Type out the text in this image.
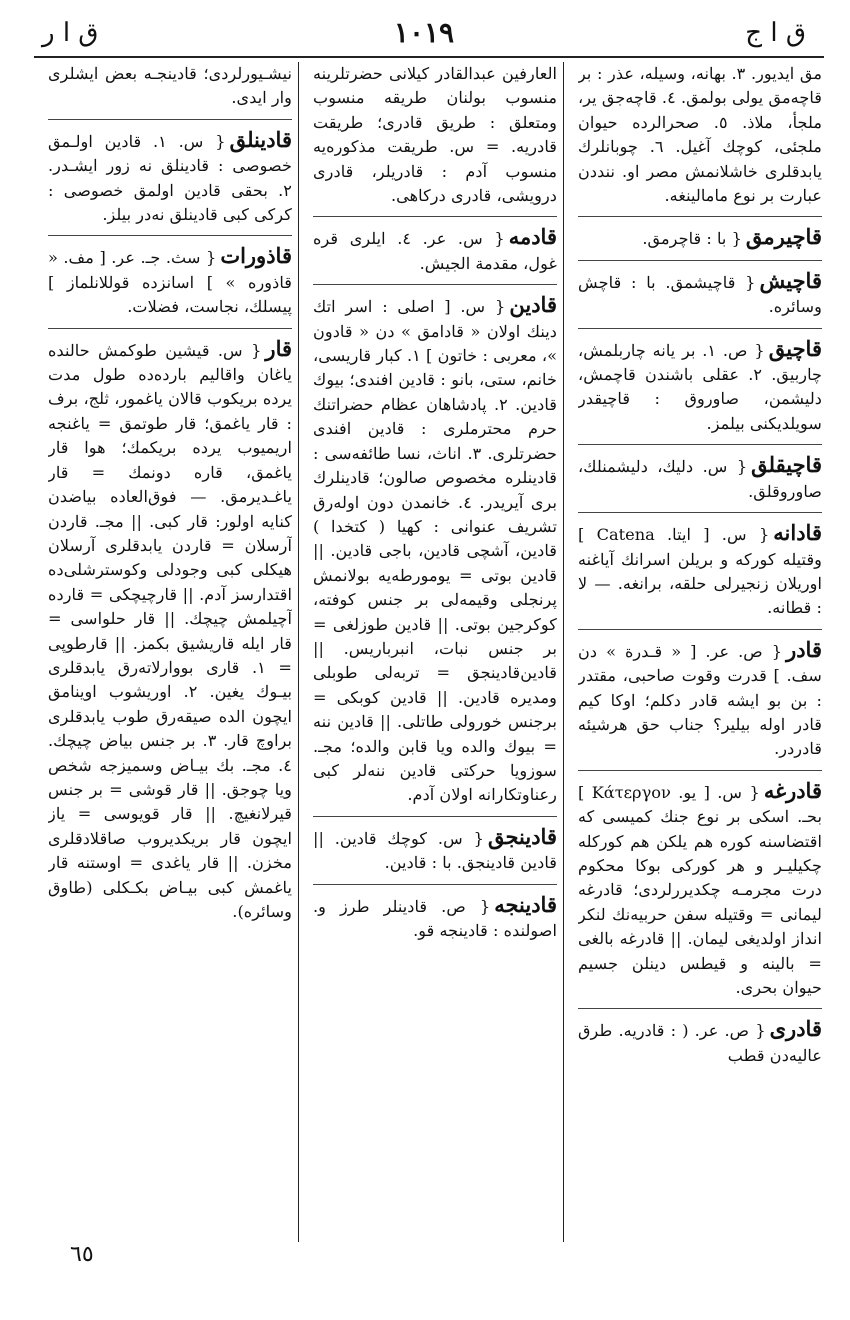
ق ا ر	١٠١٩	ق ا ج
مق ايديور. ٣. بهانه، وسيله، عذر : بر قاچەمق يولى بولمق. ٤. قاچەجق ير، ملجأ، ملاذ. ٥. صحرالرده حيوان ملجئى، كوچك آغيل. ٦. چوبانلرك يابدقلرى خاشلانمش مصر او. ننددن عبارت بر نوع مامالينغه.
قاچيرمق{ با : قاچرمق.
قاچيش{ قاچيشمق. با : قاچش وسائره.
قاچيق{ ص. ١. بر يانه چاربلمش، چاربيق. ٢. عقلى باشندن قاچمش، دليشمن، صاوروق : قاچيقدر سويلديكنى بيلمز.
قاچيقلق{ س. دليك، دليشمنلك، صاوروقلق.
قادانه{ س. [ ايتا. Catena ] وقتيله كوركه و بريلن اسرانك آياغنه اوريلان زنجيرلى حلقه، برانغه. — لا : قطانه.
قادر{ ص. عر. [ « قـدرة » دن سف. ] قدرت وقوت صاحبى، مقتدر : بن بو ايشه قادر دكلم؛ اوكا كيم قادر اوله بيلير؟ جناب حق هرشيئه قادردر.
قادرغه{ س. [ يو. Κάτεργον ] بحـ. اسكى بر نوع جنك كميسى كه اقتضاسنه كوره هم يلكن هم كوركله چكيليـر و هر كوركى بوكا محكوم درت مجرمـه چكديررلردى؛ قادرغه ليمانى = وقتيله سفن حربيه‌نك لنكر انداز اولديغى ليمان. || قادرغه بالغى = بالينه و قيطس دينلن جسيم حيوان بحرى.
قادرى{ ص. عر. ( : قادريه. طرق عاليه‌دن قطب
العارفين عبدالقادر كيلانى حضرتلرينه منسوب بولنان طريقه منسوب ومتعلق : طريق قادرى؛ طريقت قادريه. = س. طريقت مذكوره‌يه منسوب آدم : قادريلر، قادرى درويشى، قادرى دركاهى.
قادمه{ س. عر. ٤. ايلرى قره غول، مقدمة الجيش.
قادين{ س. [ اصلى : اسر اتك دينك اولان « قادامق » دن « قادون »، معربى : خاتون ] ١. كبار قاريسى، خانم، ستى، بانو : قادين افندى؛ بيوك قادين. ٢. پادشاهان عظام حضراتنك حرم محترملرى : قادين افندى حضرتلرى. ٣. اناث، نسا طائفه‌سى : قادينلره مخصوص صالون؛ قادينلرك برى آيريدر. ٤. خانمدن دون اولەرق تشريف عنوانى : كهيا ( كتخدا ) قادين، آشچى قادين، باجى قادين. || قادين بوتى = يومورطه‌يه بولانمش پرنجلى وقيمه‌لى بر جنس كوفته، كوكرجين بوتى. || قادين طوزلغى = بر جنس نبات، انبرباريس. || قادين‌قادينجق = تربه‌لى طوبلى ومديره قادين. || قادين كوبكى = برجنس خورولى طاتلى. || قادين ننه = بيوك والده ويا قابن والده؛ مجـ. سوزويا حركتى قادين ننه‌لر كبى رعناوتكارانه اولان آدم.
قادينجق{ س. كوچك قادين. || قادين قادينجق. با : قادين.
قادينجه{ ص. قادينلر طرز و. اصولنده : قادينجه قو.
نيشـيورلردى؛ قادينجـه بعض ايشلرى وار ايدى.
قادينلق{ س. ١. قادين اولـمق خصوصى : قادينلق نه زور ايشـدر. ٢. بحقى قادين اولمق خصوصى : كركى كبى قادينلق نەدر بيلز.
قاذورات{ سث. جـ. عر. [ مف. « قاذوره » ] اسانزده قوللانلماز ] پيسلك، نجاست، فضلات.
قار{ س. قيشين طوكمش حالنده ياغان واقاليم بارده‌ده طول مدت يرده بريكوب قالان ياغمور، ثلج، برف : قار ياغمق؛ قار طوتمق = ياغنجه اريميوب يرده بريكمك؛ هوا قار ياغمق، قاره دونمك = قار ياغـديرمق. — فوق‌العاده بياضدن كنايه اولور: قار كبى. || مجـ. قاردن آرسلان = قاردن يابدقلرى آرسلان هيكلى كبى وجودلى وكوسترشلى‌ده اقتدارسز آدم. || قارچيچكى = قارده آچيلمش چيچك. || قار حلواسى = قار ايله قاريشيق بكمز. || قارطوپى = ١. قارى بووارلاته‌رق يابدقلرى بيـوك يغين. ٢. اوريشوب اوينامق ايچون الده صيقه‌رق طوب يابدقلرى براوچ قار. ٣. بر جنس بياض چيچك. ٤. مجـ. بك بيـاض وسميزجه شخص ويا چوجق. || قار قوشى = بر جنس قيرلانغيچ. || قار قويوسى = ياز ايچون قار بريكديروب صاقلادقلرى مخزن. || قار ياغدى = اوستنه قار ياغمش كبى بيـاض بكـكلى (طاوق وسائره).
٦٥
